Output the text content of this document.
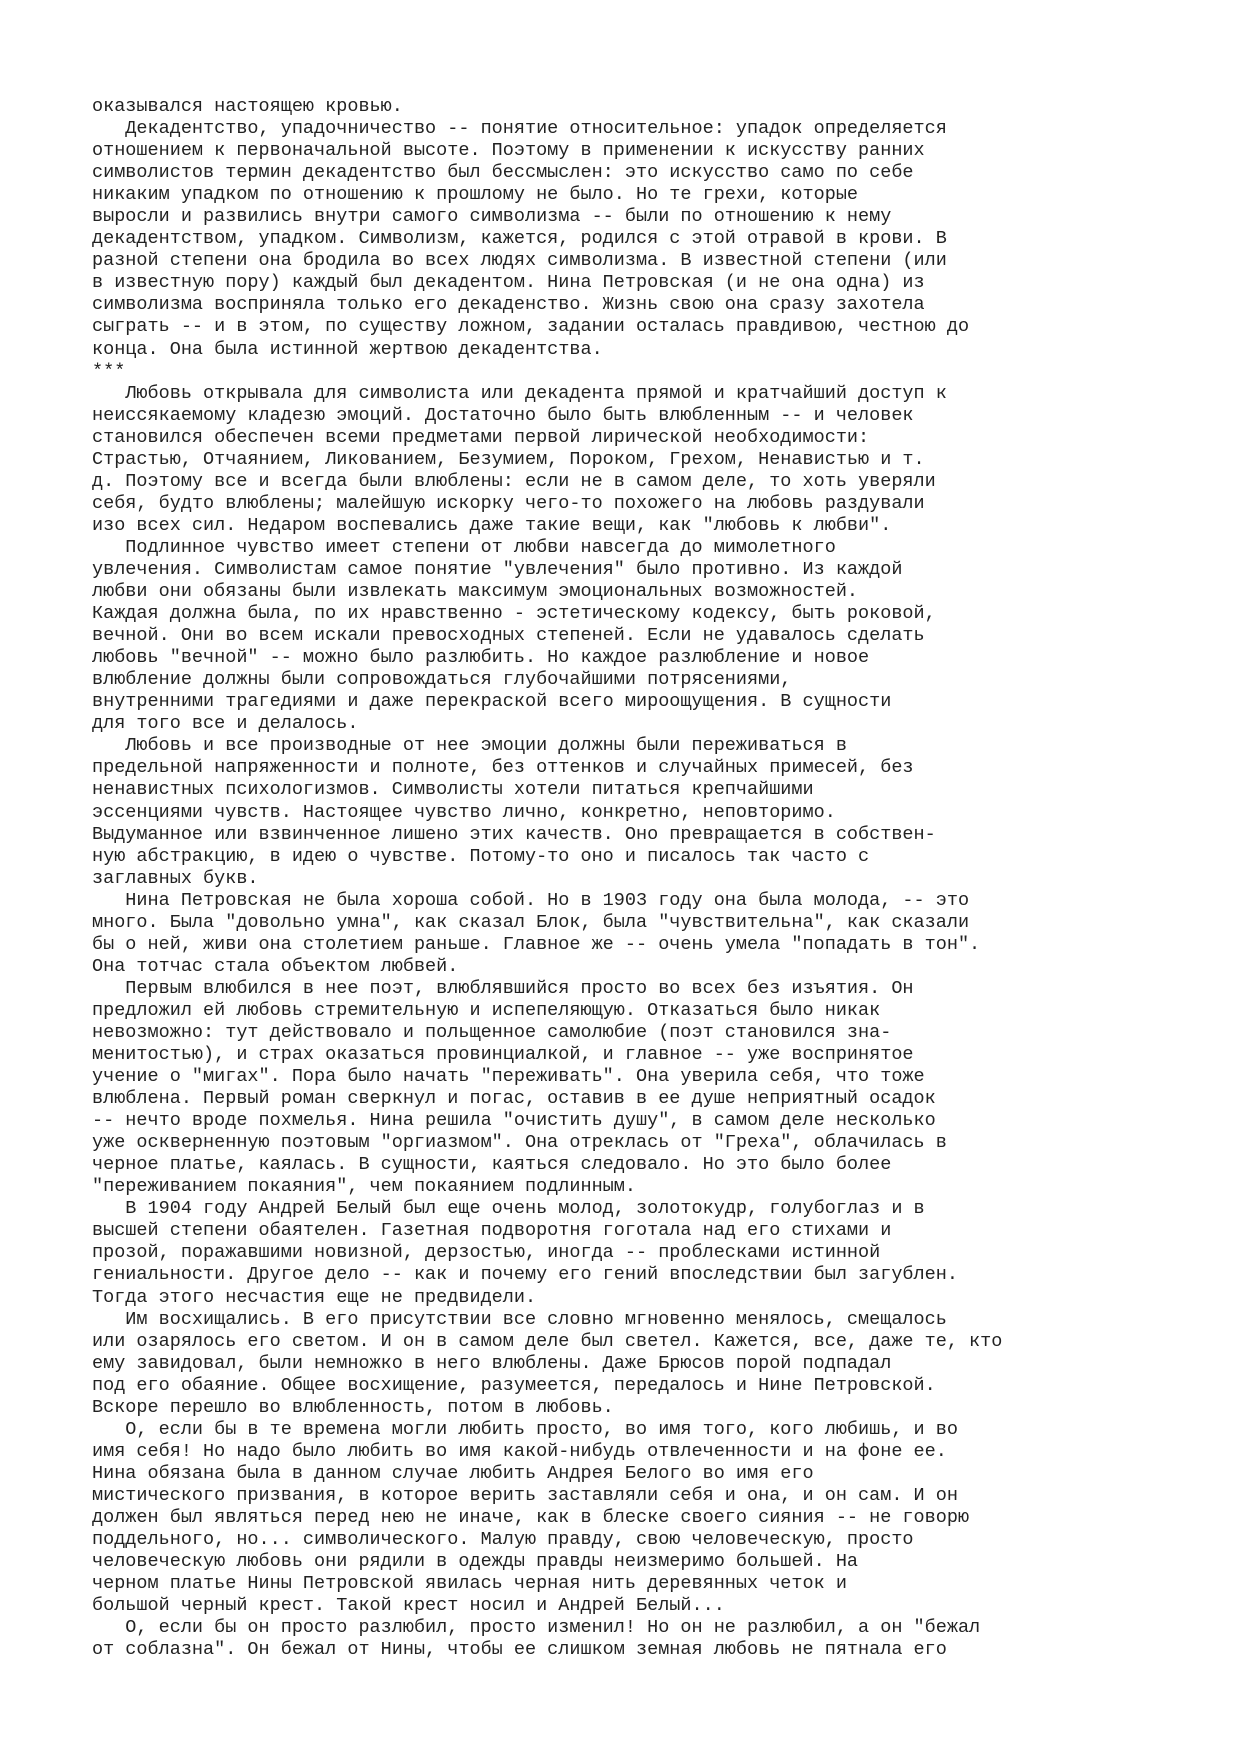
оказывался настоящею кровью.
Декадентство, упадочничество -- понятие относительное: упадок определяется
отношением к первоначальной высоте. Поэтому в применении к искусству ранних
символистов термин декадентство был бессмыслен: это искусство само по себе
никаким упадком по отношению к прошлому не было. Но те грехи, которые
выросли и развились внутри самого символизма -- были по отношению к нему
декадентством, упадком. Символизм, кажется, родился с этой отравой в крови. В
разной степени она бродила во всех людях символизма. В известной степени (или
в известную пору) каждый был декадентом. Нина Петровская (и не она одна) из
символизма восприняла только его декаденство. Жизнь свою она сразу захотела
сыграть -- и в этом, по существу ложном, задании осталась правдивою, честною до
конца. Она была истинной жертвою декадентства.
***
Любовь открывала для символиста или декадента прямой и кратчайший доступ к
неиссякаемому кладезю эмоций. Достаточно было быть влюбленным -- и человек
становился обеспечен всеми предметами первой лирической необходимости:
Страстью, Отчаянием, Ликованием, Безумием, Пороком, Грехом, Ненавистью и т.
д. Поэтому все и всегда были влюблены: если не в самом деле, то хоть уверяли
себя, будто влюблены; малейшую искорку чего-то похожего на любовь раздували
изо всех сил. Недаром воспевались даже такие вещи, как "любовь к любви".
Подлинное чувство имеет степени от любви навсегда до мимолетного
увлечения. Символистам самое понятие "увлечения" было противно. Из каждой
любви они обязаны были извлекать максимум эмоциональных возможностей.
Каждая должна была, по их нравственно - эстетическому кодексу, быть роковой,
вечной. Они во всем искали превосходных степеней. Если не удавалось сделать
любовь "вечной" -- можно было разлюбить. Но каждое разлюбление и новое
влюбление должны были сопровождаться глубочайшими потрясениями,
внутренними трагедиями и даже перекраской всего мироощущения. В сущности
для того все и делалось.
Любовь и все производные от нее эмоции должны были переживаться в
предельной напряженности и полноте, без оттенков и случайных примесей, без
ненавистных психологизмов. Символисты хотели питаться крепчайшими
эссенциями чувств. Настоящее чувство лично, конкретно, неповторимо.
Выдуманное или взвинченное лишено этих качеств. Оно превращается в собствен-
ную абстракцию, в идею о чувстве. Потому-то оно и писалось так часто с
заглавных букв.
Нина Петровская не была хороша собой. Но в 1903 году она была молода, -- это
много. Была "довольно умна", как сказал Блок, была "чувствительна", как сказали
бы о ней, живи она столетием раньше. Главное же -- очень умела "попадать в тон".
Она тотчас стала объектом любвей.
Первым влюбился в нее поэт, влюблявшийся просто во всех без изъятия. Он
предложил ей любовь стремительную и испепеляющую. Отказаться было никак
невозможно: тут действовало и польщенное самолюбие (поэт становился зна-
менитостью), и страх оказаться провинциалкой, и главное -- уже воспринятое
учение о "мигах". Пора было начать "переживать". Она уверила себя, что тоже
влюблена. Первый роман сверкнул и погас, оставив в ее душе неприятный осадок
-- нечто вроде похмелья. Нина решила "очистить душу", в самом деле несколько
уже оскверненную поэтовым "оргиазмом". Она отреклась от "Греха", облачилась в
черное платье, каялась. В сущности, каяться следовало. Но это было более
"переживанием покаяния", чем покаянием подлинным.
В 1904 году Андрей Белый был еще очень молод, золотокудр, голубоглаз и в
высшей степени обаятелен. Газетная подворотня гоготала над его стихами и
прозой, поражавшими новизной, дерзостью, иногда -- проблесками истинной
гениальности. Другое дело -- как и почему его гений впоследствии был загублен.
Тогда этого несчастия еще не предвидели.
Им восхищались. В его присутствии все словно мгновенно менялось, смещалось
или озарялось его светом. И он в самом деле был светел. Кажется, все, даже те, кто
ему завидовал, были немножко в него влюблены. Даже Брюсов порой подпадал
под его обаяние. Общее восхищение, разумеется, передалось и Нине Петровской.
Вскоре перешло во влюбленность, потом в любовь.
О, если бы в те времена могли любить просто, во имя того, кого любишь, и во
имя себя! Но надо было любить во имя какой-нибудь отвлеченности и на фоне ее.
Нина обязана была в данном случае любить Андрея Белого во имя его
мистического призвания, в которое верить заставляли себя и она, и он сам. И он
должен был являться перед нею не иначе, как в блеске своего сияния -- не говорю
поддельного, но... символического. Малую правду, свою человеческую, просто
человеческую любовь они рядили в одежды правды неизмеримо большей. На
черном платье Нины Петровской явилась черная нить деревянных четок и
большой черный крест. Такой крест носил и Андрей Белый...
О, если бы он просто разлюбил, просто изменил! Но он не разлюбил, а он "бежал
от соблазна". Он бежал от Нины, чтобы ее слишком земная любовь не пятнала его
